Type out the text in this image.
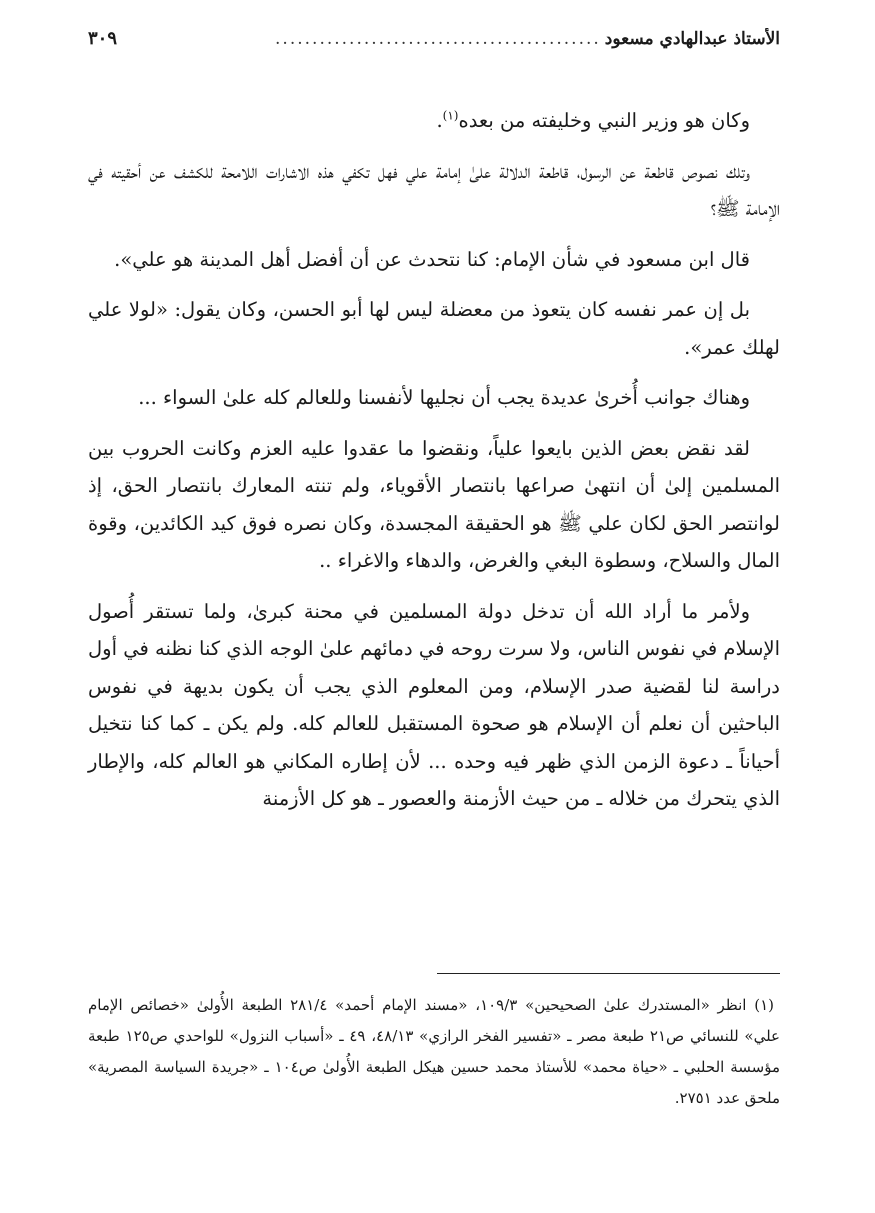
الأستاذ عبدالهادي مسعود
............................................
٣٠٩

وكان هو وزير النبي وخليفته من بعده$^{(١)}$.

وتلك نصوص قاطعة عن الرسول، قاطعة الدلالة علىٰ إمامة علي فهل تكفي هذه الاشارات اللامحة للكشف عن أحقيته في الإمامة ﷺ؟

قال ابن مسعود في شأن الإمام: كنا نتحدث عن أن أفضل أهل المدينة هو علي».

بل إن عمر نفسه كان يتعوذ من معضلة ليس لها أبو الحسن، وكان يقول: «لولا علي لهلك عمر».

وهناك جوانب أُخرىٰ عديدة يجب أن نجليها لأنفسنا وللعالم كله علىٰ السواء ...

لقد نقض بعض الذين بايعوا علياً، ونقضوا ما عقدوا عليه العزم وكانت الحروب بين المسلمين إلىٰ أن انتهىٰ صراعها بانتصار الأقوياء، ولم تنته المعارك بانتصار الحق، إذ لوانتصر الحق لكان علي ﷺ هو الحقيقة المجسدة، وكان نصره فوق كيد الكائدين، وقوة المال والسلاح، وسطوة البغي والغرض، والدهاء والاغراء ..

ولأمر ما أراد الله أن تدخل دولة المسلمين في محنة كبرىٰ، ولما تستقر أُصول الإسلام في نفوس الناس، ولا سرت روحه في دمائهم علىٰ الوجه الذي كنا نظنه في أول دراسة لنا لقضية صدر الإسلام، ومن المعلوم الذي يجب أن يكون بديهة في نفوس الباحثين أن نعلم أن الإسلام هو صحوة المستقبل للعالم كله. ولم يكن ـ كما كنا نتخيل أحياناً ـ دعوة الزمن الذي ظهر فيه وحده ... لأن إطاره المكاني هو العالم كله، والإطار الذي يتحرك من خلاله ـ من حيث الأزمنة والعصور ـ هو كل الأزمنة

(١) انظر «المستدرك علىٰ الصحيحين» ١٠٩/٣، «مسند الإمام أحمد» ٢٨١/٤ الطبعة الأُولىٰ «خصائص الإمام علي» للنسائي ص٢١ طبعة مصر ـ «تفسير الفخر الرازي» ٤٨/١٣، ٤٩ ـ «أسباب النزول» للواحدي ص١٢٥ طبعة مؤسسة الحلبي ـ «حياة محمد» للأستاذ محمد حسين هيكل الطبعة الأُولىٰ ص١٠٤ ـ «جريدة السياسة المصرية» ملحق عدد ٢٧٥١.
